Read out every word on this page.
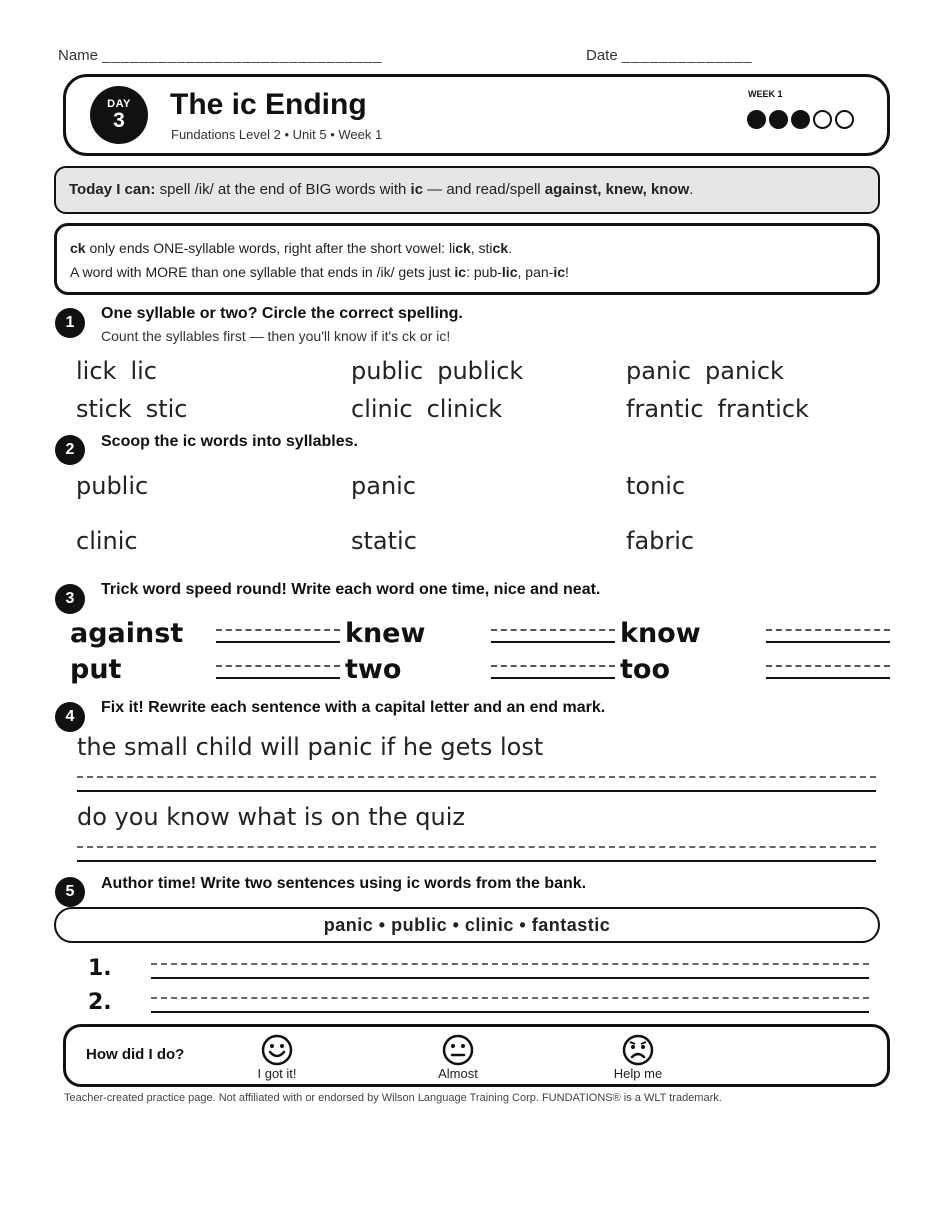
Name ______________________________	Date ______________
DAY
3	The ic Ending
Fundations Level 2 • Unit 5 • Week 1
WEEK 1
Today I can: spell /ik/ at the end of BIG words with ic — and read/spell against, knew, know.
ck only ends ONE-syllable words, right after the short vowel: lick, stick.
A word with MORE than one syllable that ends in /ik/ gets just ic: pub-lic, pan-ic!
1
One syllable or two? Circle the correct spelling.
Count the syllables first — then you'll know if it's ck or ic!
lick lic	public publick	panic panick
stick stic	clinic clinick	frantic frantick
2	Scoop the ic words into syllables.
public	panic	tonic
clinic	static	fabric
3
Trick word speed round! Write each word one time, nice and neat.
against	knew	know
put	two	too
4
Fix it! Rewrite each sentence with a capital letter and an end mark.
the small child will panic if he gets lost
do you know what is on the quiz
5	Author time! Write two sentences using ic words from the bank.
panic • public • clinic • fantastic
1.
2.
How did I do?
I got it!	Almost	Help me
Teacher-created practice page. Not affiliated with or endorsed by Wilson Language Training Corp. FUNDATIONS® is a WLT trademark.
